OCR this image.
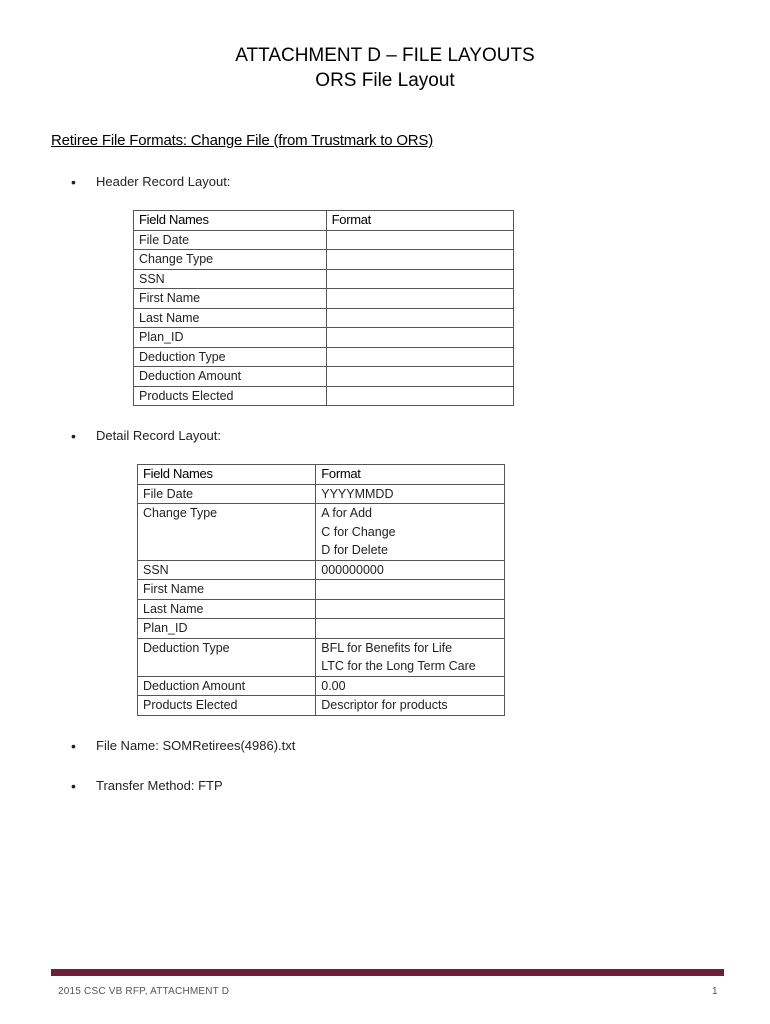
ATTACHMENT D – FILE LAYOUTS
ORS File Layout
Retiree File Formats: Change File (from Trustmark to ORS)
• Header Record Layout:
Field Names	Format
File Date	
Change Type	
SSN	
First Name	
Last Name	
Plan_ID	
Deduction Type	
Deduction Amount	
Products Elected	
• Detail Record Layout:
Field Names	Format
File Date	YYYYMMDD
Change Type	A for Add
C for Change
D for Delete
SSN	000000000
First Name	
Last Name	
Plan_ID	
Deduction Type	BFL for Benefits for Life
LTC for the Long Term Care
Deduction Amount	0.00
Products Elected	Descriptor for products
• File Name: SOMRetirees(4986).txt
• Transfer Method: FTP
2015 CSC VB RFP, ATTACHMENT D	1
